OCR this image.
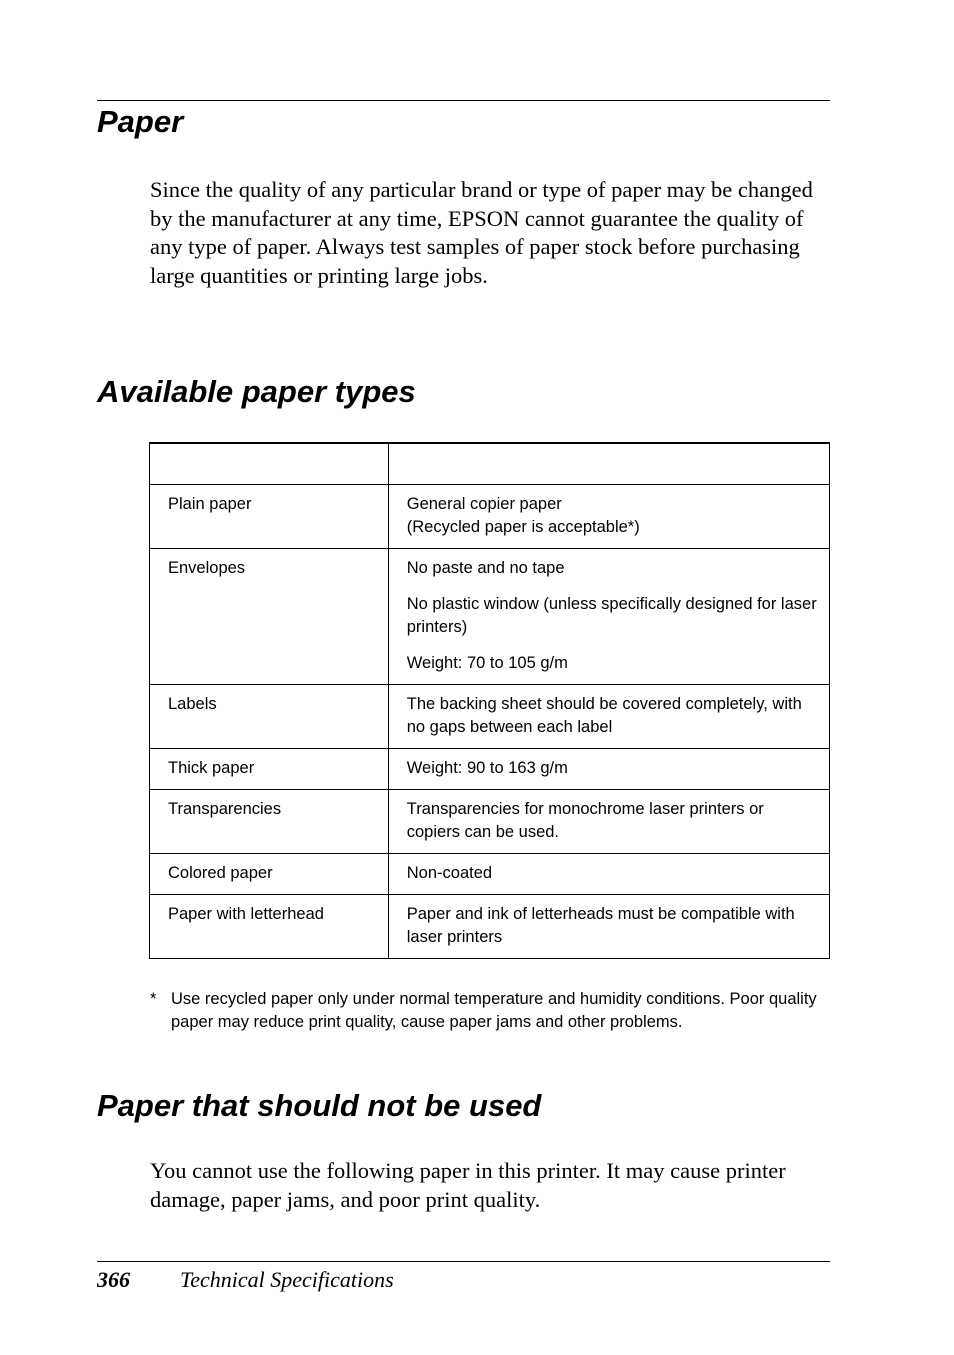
Paper

Since the quality of any particular brand or type of paper may be changed by the manufacturer at any time, EPSON cannot guarantee the quality of any type of paper. Always test samples of paper stock before purchasing large quantities or printing large jobs.

Available paper types

Plain paper	General copier paper
(Recycled paper is acceptable*)

Envelopes	No paste and no tape
No plastic window (unless specifically designed for laser printers)
Weight: 70 to 105 g/m

Labels	The backing sheet should be covered completely, with no gaps between each label

Thick paper	Weight: 90 to 163 g/m

Transparencies	Transparencies for monochrome laser printers or copiers can be used.

Colored paper	Non-coated

Paper with letterhead	Paper and ink of letterheads must be compatible with laser printers
* Use recycled paper only under normal temperature and humidity conditions. Poor quality paper may reduce print quality, cause paper jams and other problems.
Paper that should not be used

You cannot use the following paper in this printer. It may cause printer damage, paper jams, and poor print quality.

366 Technical Specifications
